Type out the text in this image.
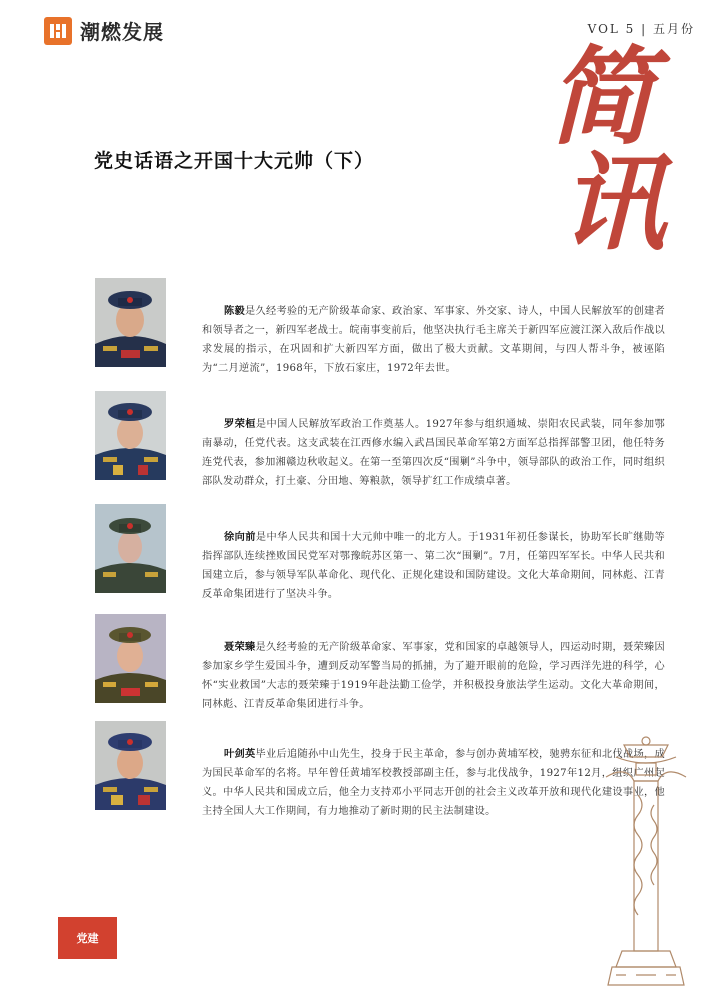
潮燃发展	VOL 5 | 五月份
简
讯
党史话语之开国十大元帅（下）

陈毅是久经考验的无产阶级革命家、政治家、军事家、外交家、诗人，中国人民解放军的创建者和领导者之一，新四军老战士。皖南事变前后，他坚决执行毛主席关于新四军应渡江深入敌后作战以求发展的指示，在巩固和扩大新四军方面，做出了极大贡献。文革期间，与四人帮斗争，被诬陷为“二月逆流”，1968年，下放石家庄，1972年去世。

罗荣桓是中国人民解放军政治工作奠基人。1927年参与组织通城、崇阳农民武装，同年参加鄂南暴动，任党代表。这支武装在江西修水编入武昌国民革命军第2方面军总指挥部警卫团，他任特务连党代表，参加湘赣边秋收起义。在第一至第四次反“围剿”斗争中，领导部队的政治工作，同时组织部队发动群众，打土豪、分田地、筹粮款，领导扩红工作成绩卓著。

徐向前是中华人民共和国十大元帅中唯一的北方人。于1931年初任参谋长，协助军长旷继勋等指挥部队连续挫败国民党军对鄂豫皖苏区第一、第二次“围剿”。7月，任第四军军长。中华人民共和国建立后，参与领导军队革命化、现代化、正规化建设和国防建设。文化大革命期间，同林彪、江青反革命集团进行了坚决斗争。

聂荣臻是久经考验的无产阶级革命家、军事家，党和国家的卓越领导人，四运动时期，聂荣臻因参加家乡学生爱国斗争，遭到反动军警当局的抓捕，为了避开眼前的危险，学习西洋先进的科学，心怀“实业救国”大志的聂荣臻于1919年赴法勤工俭学，并积极投身旅法学生运动。文化大革命期间，同林彪、江青反革命集团进行斗争。

叶剑英毕业后追随孙中山先生，投身于民主革命，参与创办黄埔军校，驰骋东征和北伐战场，成为国民革命军的名将。早年曾任黄埔军校教授部副主任，参与北伐战争，1927年12月，组织广州起义。中华人民共和国成立后，他全力支持邓小平同志开创的社会主义改革开放和现代化建设事业，他主持全国人大工作期间，有力地推动了新时期的民主法制建设。

党建
